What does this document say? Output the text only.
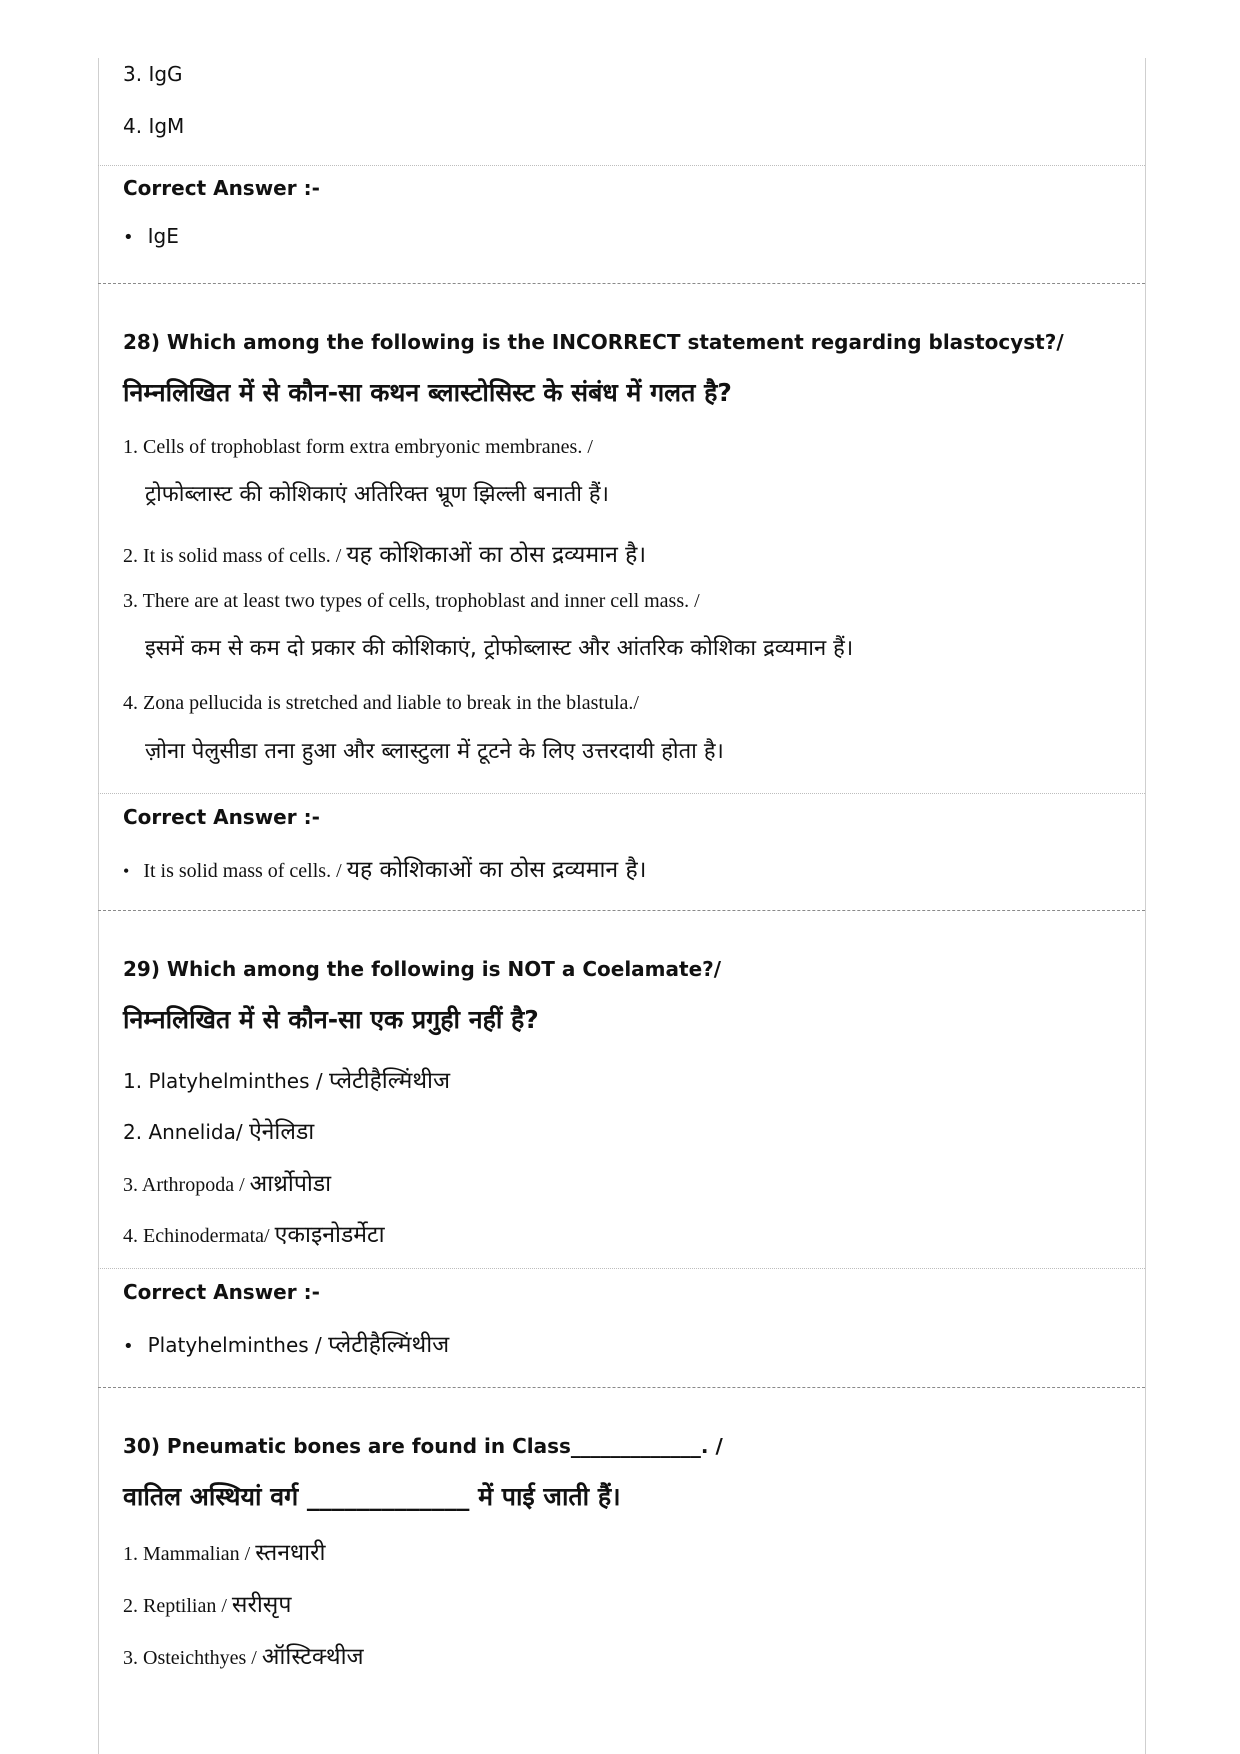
3. IgG
4. IgM
Correct Answer :-
• IgE
28) Which among the following is the INCORRECT statement regarding blastocyst?/
निम्नलिखित में से कौन-सा कथन ब्लास्टोसिस्ट के संबंध में गलत है?
1. Cells of trophoblast form extra embryonic membranes. /
ट्रोफोब्लास्ट की कोशिकाएं अतिरिक्त भ्रूण झिल्ली बनाती हैं।
2. It is solid mass of cells. / यह कोशिकाओं का ठोस द्रव्यमान है।
3. There are at least two types of cells, trophoblast and inner cell mass. /
इसमें कम से कम दो प्रकार की कोशिकाएं, ट्रोफोब्लास्ट और आंतरिक कोशिका द्रव्यमान हैं।
4. Zona pellucida is stretched and liable to break in the blastula./
ज़ोना पेलुसीडा तना हुआ और ब्लास्टुला में टूटने के लिए उत्तरदायी होता है।
Correct Answer :-
• It is solid mass of cells. / यह कोशिकाओं का ठोस द्रव्यमान है।
29) Which among the following is NOT a Coelamate?/
निम्नलिखित में से कौन-सा एक प्रगुही नहीं है?
1. Platyhelminthes / प्लेटीहैल्मिंथीज
2. Annelida/ ऐनेलिडा
3. Arthropoda / आर्थ्रोपोडा
4. Echinodermata/ एकाइनोडर्मेटा
Correct Answer :-
• Platyhelminthes / प्लेटीहैल्मिंथीज
30) Pneumatic bones are found in Class_____________. /
वातिल अस्थियां वर्ग _____________ में पाई जाती हैं।
1. Mammalian / स्तनधारी
2. Reptilian / सरीसृप
3. Osteichthyes / ऑस्टिक्थीज
